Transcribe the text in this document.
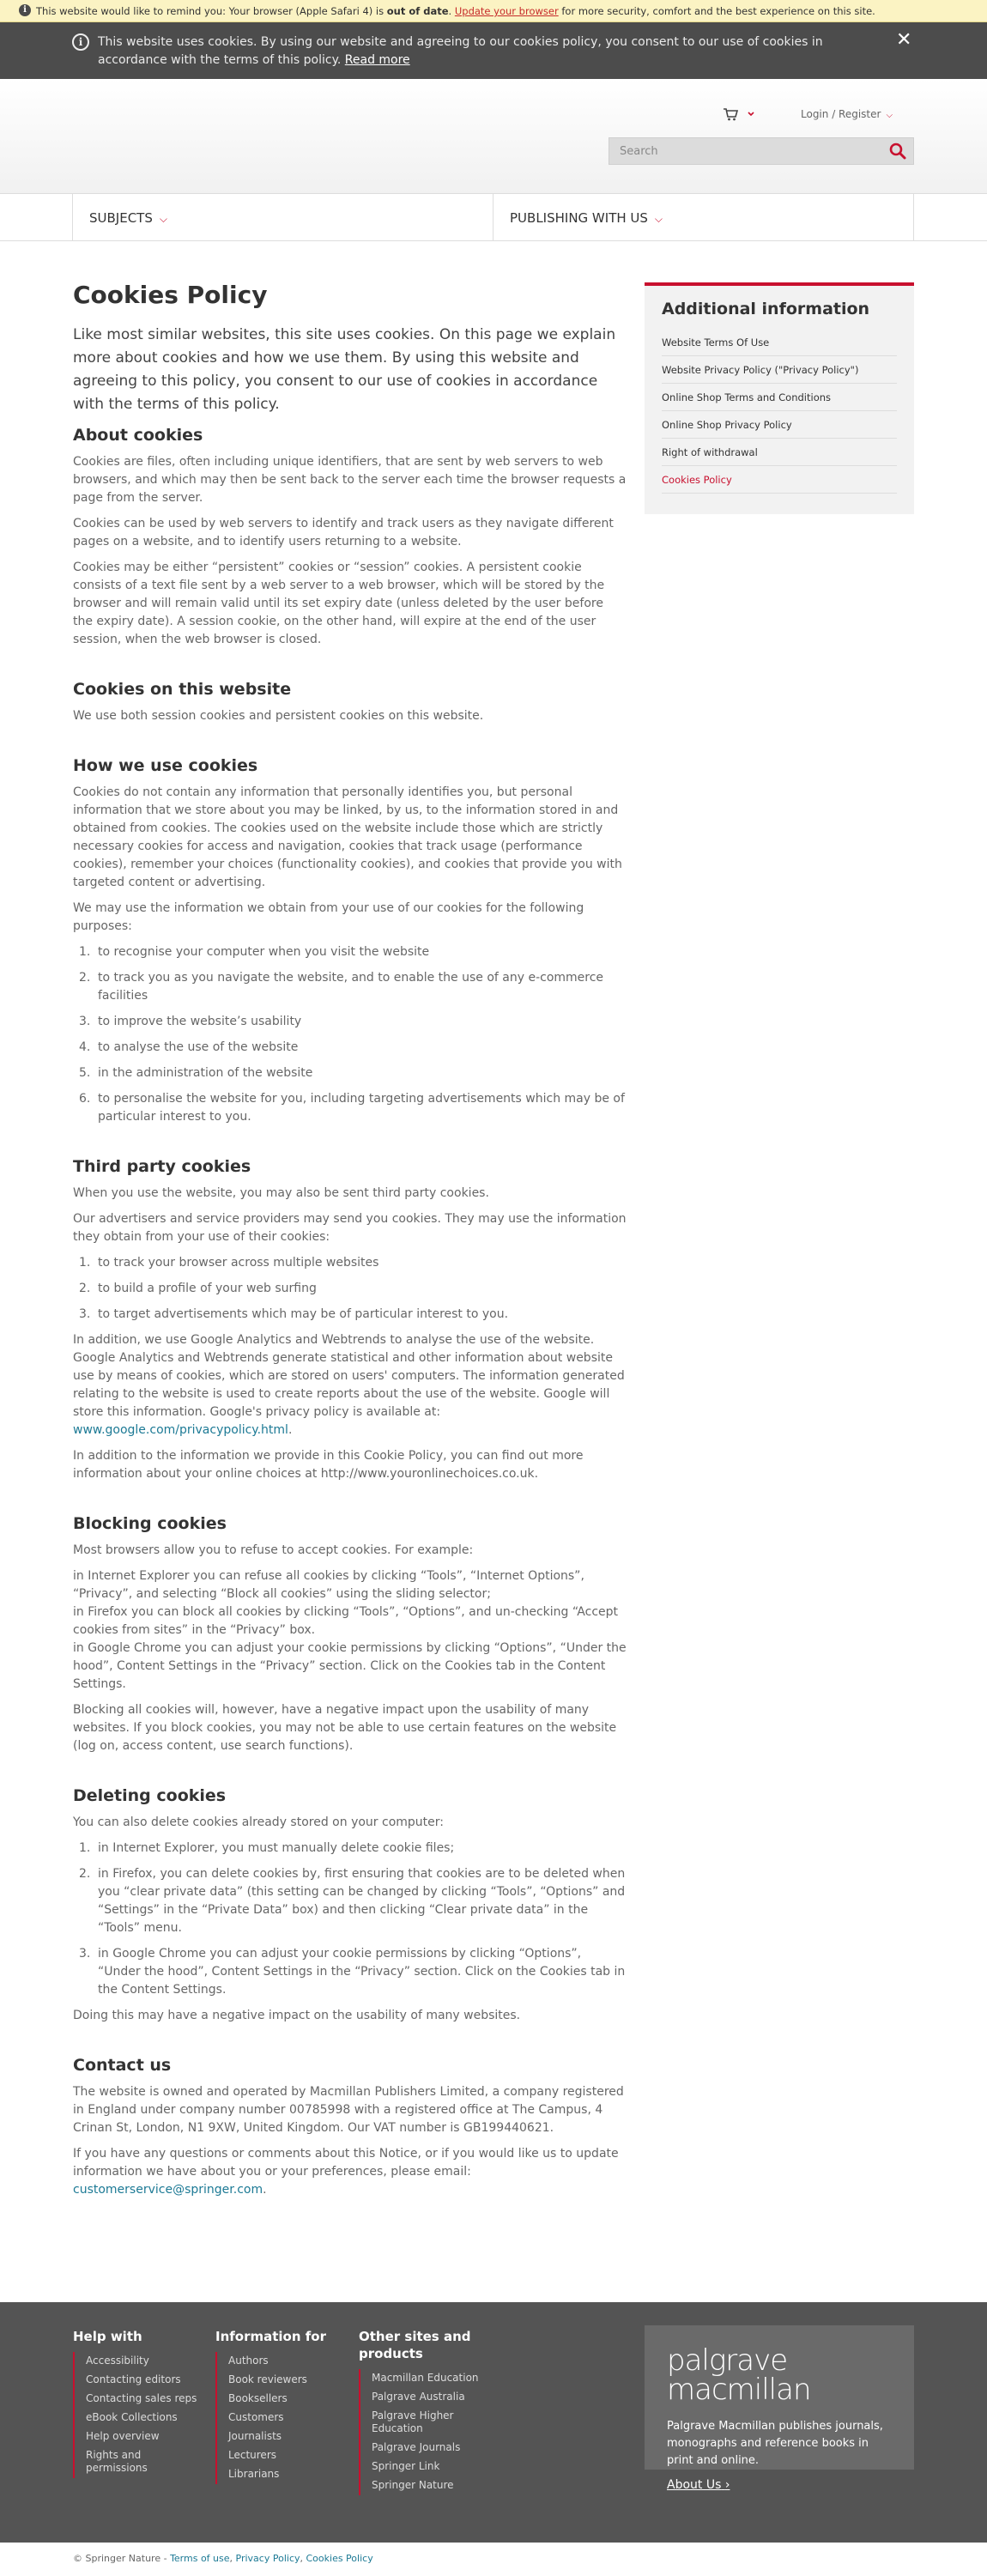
i This website would like to remind you: Your browser (Apple Safari 4) is out of date. Update your browser for more security, comfort and the best experience on this site.
i	This website uses cookies. By using our website and agreeing to our cookies policy, you consent to our use of cookies in accordance with the terms of this policy. Read more
✕
Login / Register ⌵
Search
SUBJECTS ⌵	PUBLISHING WITH US ⌵
Cookies Policy

Like most similar websites, this site uses cookies. On this page we explain more about cookies and how we use them. By using this website and agreeing to this policy, you consent to our use of cookies in accordance with the terms of this policy.

About cookies

Cookies are files, often including unique identifiers, that are sent by web servers to web browsers, and which may then be sent back to the server each time the browser requests a page from the server.

Cookies can be used by web servers to identify and track users as they navigate different pages on a website, and to identify users returning to a website.

Cookies may be either “persistent” cookies or “session” cookies. A persistent cookie consists of a text file sent by a web server to a web browser, which will be stored by the browser and will remain valid until its set expiry date (unless deleted by the user before the expiry date). A session cookie, on the other hand, will expire at the end of the user session, when the web browser is closed.

Cookies on this website

We use both session cookies and persistent cookies on this website.

How we use cookies

Cookies do not contain any information that personally identifies you, but personal information that we store about you may be linked, by us, to the information stored in and obtained from cookies. The cookies used on the website include those which are strictly necessary cookies for access and navigation, cookies that track usage (performance cookies), remember your choices (functionality cookies), and cookies that provide you with targeted content or advertising.

We may use the information we obtain from your use of our cookies for the following purposes:

1. to recognise your computer when you visit the website
2. to track you as you navigate the website, and to enable the use of any e-commerce facilities
3. to improve the website’s usability
4. to analyse the use of the website
5. in the administration of the website
6. to personalise the website for you, including targeting advertisements which may be of particular interest to you.
Third party cookies

When you use the website, you may also be sent third party cookies.

Our advertisers and service providers may send you cookies. They may use the information they obtain from your use of their cookies:

1. to track your browser across multiple websites
2. to build a profile of your web surfing
3. to target advertisements which may be of particular interest to you.

In addition, we use Google Analytics and Webtrends to analyse the use of the website. Google Analytics and Webtrends generate statistical and other information about website use by means of cookies, which are stored on users' computers. The information generated relating to the website is used to create reports about the use of the website. Google will store this information. Google's privacy policy is available at:
www.google.com/privacypolicy.html.

In addition to the information we provide in this Cookie Policy, you can find out more information about your online choices at http://www.youronlinechoices.co.uk.

Blocking cookies

Most browsers allow you to refuse to accept cookies. For example:

in Internet Explorer you can refuse all cookies by clicking “Tools”, “Internet Options”, “Privacy”, and selecting “Block all cookies” using the sliding selector;
in Firefox you can block all cookies by clicking “Tools”, “Options”, and un-checking “Accept cookies from sites” in the “Privacy” box.
in Google Chrome you can adjust your cookie permissions by clicking “Options”, “Under the hood”, Content Settings in the “Privacy” section. Click on the Cookies tab in the Content Settings.

Blocking all cookies will, however, have a negative impact upon the usability of many websites. If you block cookies, you may not be able to use certain features on the website (log on, access content, use search functions).

Deleting cookies

You can also delete cookies already stored on your computer:

1. in Internet Explorer, you must manually delete cookie files;
2. in Firefox, you can delete cookies by, first ensuring that cookies are to be deleted when you “clear private data” (this setting can be changed by clicking “Tools”, “Options” and “Settings” in the “Private Data” box) and then clicking “Clear private data” in the “Tools” menu.
3. in Google Chrome you can adjust your cookie permissions by clicking “Options”, “Under the hood”, Content Settings in the “Privacy” section. Click on the Cookies tab in the Content Settings.

Doing this may have a negative impact on the usability of many websites.

Contact us

The website is owned and operated by Macmillan Publishers Limited, a company registered in England under company number 00785998 with a registered office at The Campus, 4 Crinan St, London, N1 9XW, United Kingdom. Our VAT number is GB199440621.

If you have any questions or comments about this Notice, or if you would like us to update information we have about you or your preferences, please email: customerservice@springer.com.

Additional information
Website Terms Of Use
Website Privacy Policy ("Privacy Policy")
Online Shop Terms and Conditions
Online Shop Privacy Policy
Right of withdrawal
Cookies Policy
Help with
Accessibility
Contacting editors
Contacting sales reps
eBook Collections
Help overview
Rights and permissions
Information for
Authors
Book reviewers
Booksellers
Customers
Journalists
Lecturers
Librarians
Other sites and products
Macmillan Education
Palgrave Australia
Palgrave Higher Education
Palgrave Journals
Springer Link
Springer Nature
palgrave
macmillan

Palgrave Macmillan publishes journals, monographs and reference books in print and online.

About Us ›
© Springer Nature - Terms of use, Privacy Policy, Cookies Policy
